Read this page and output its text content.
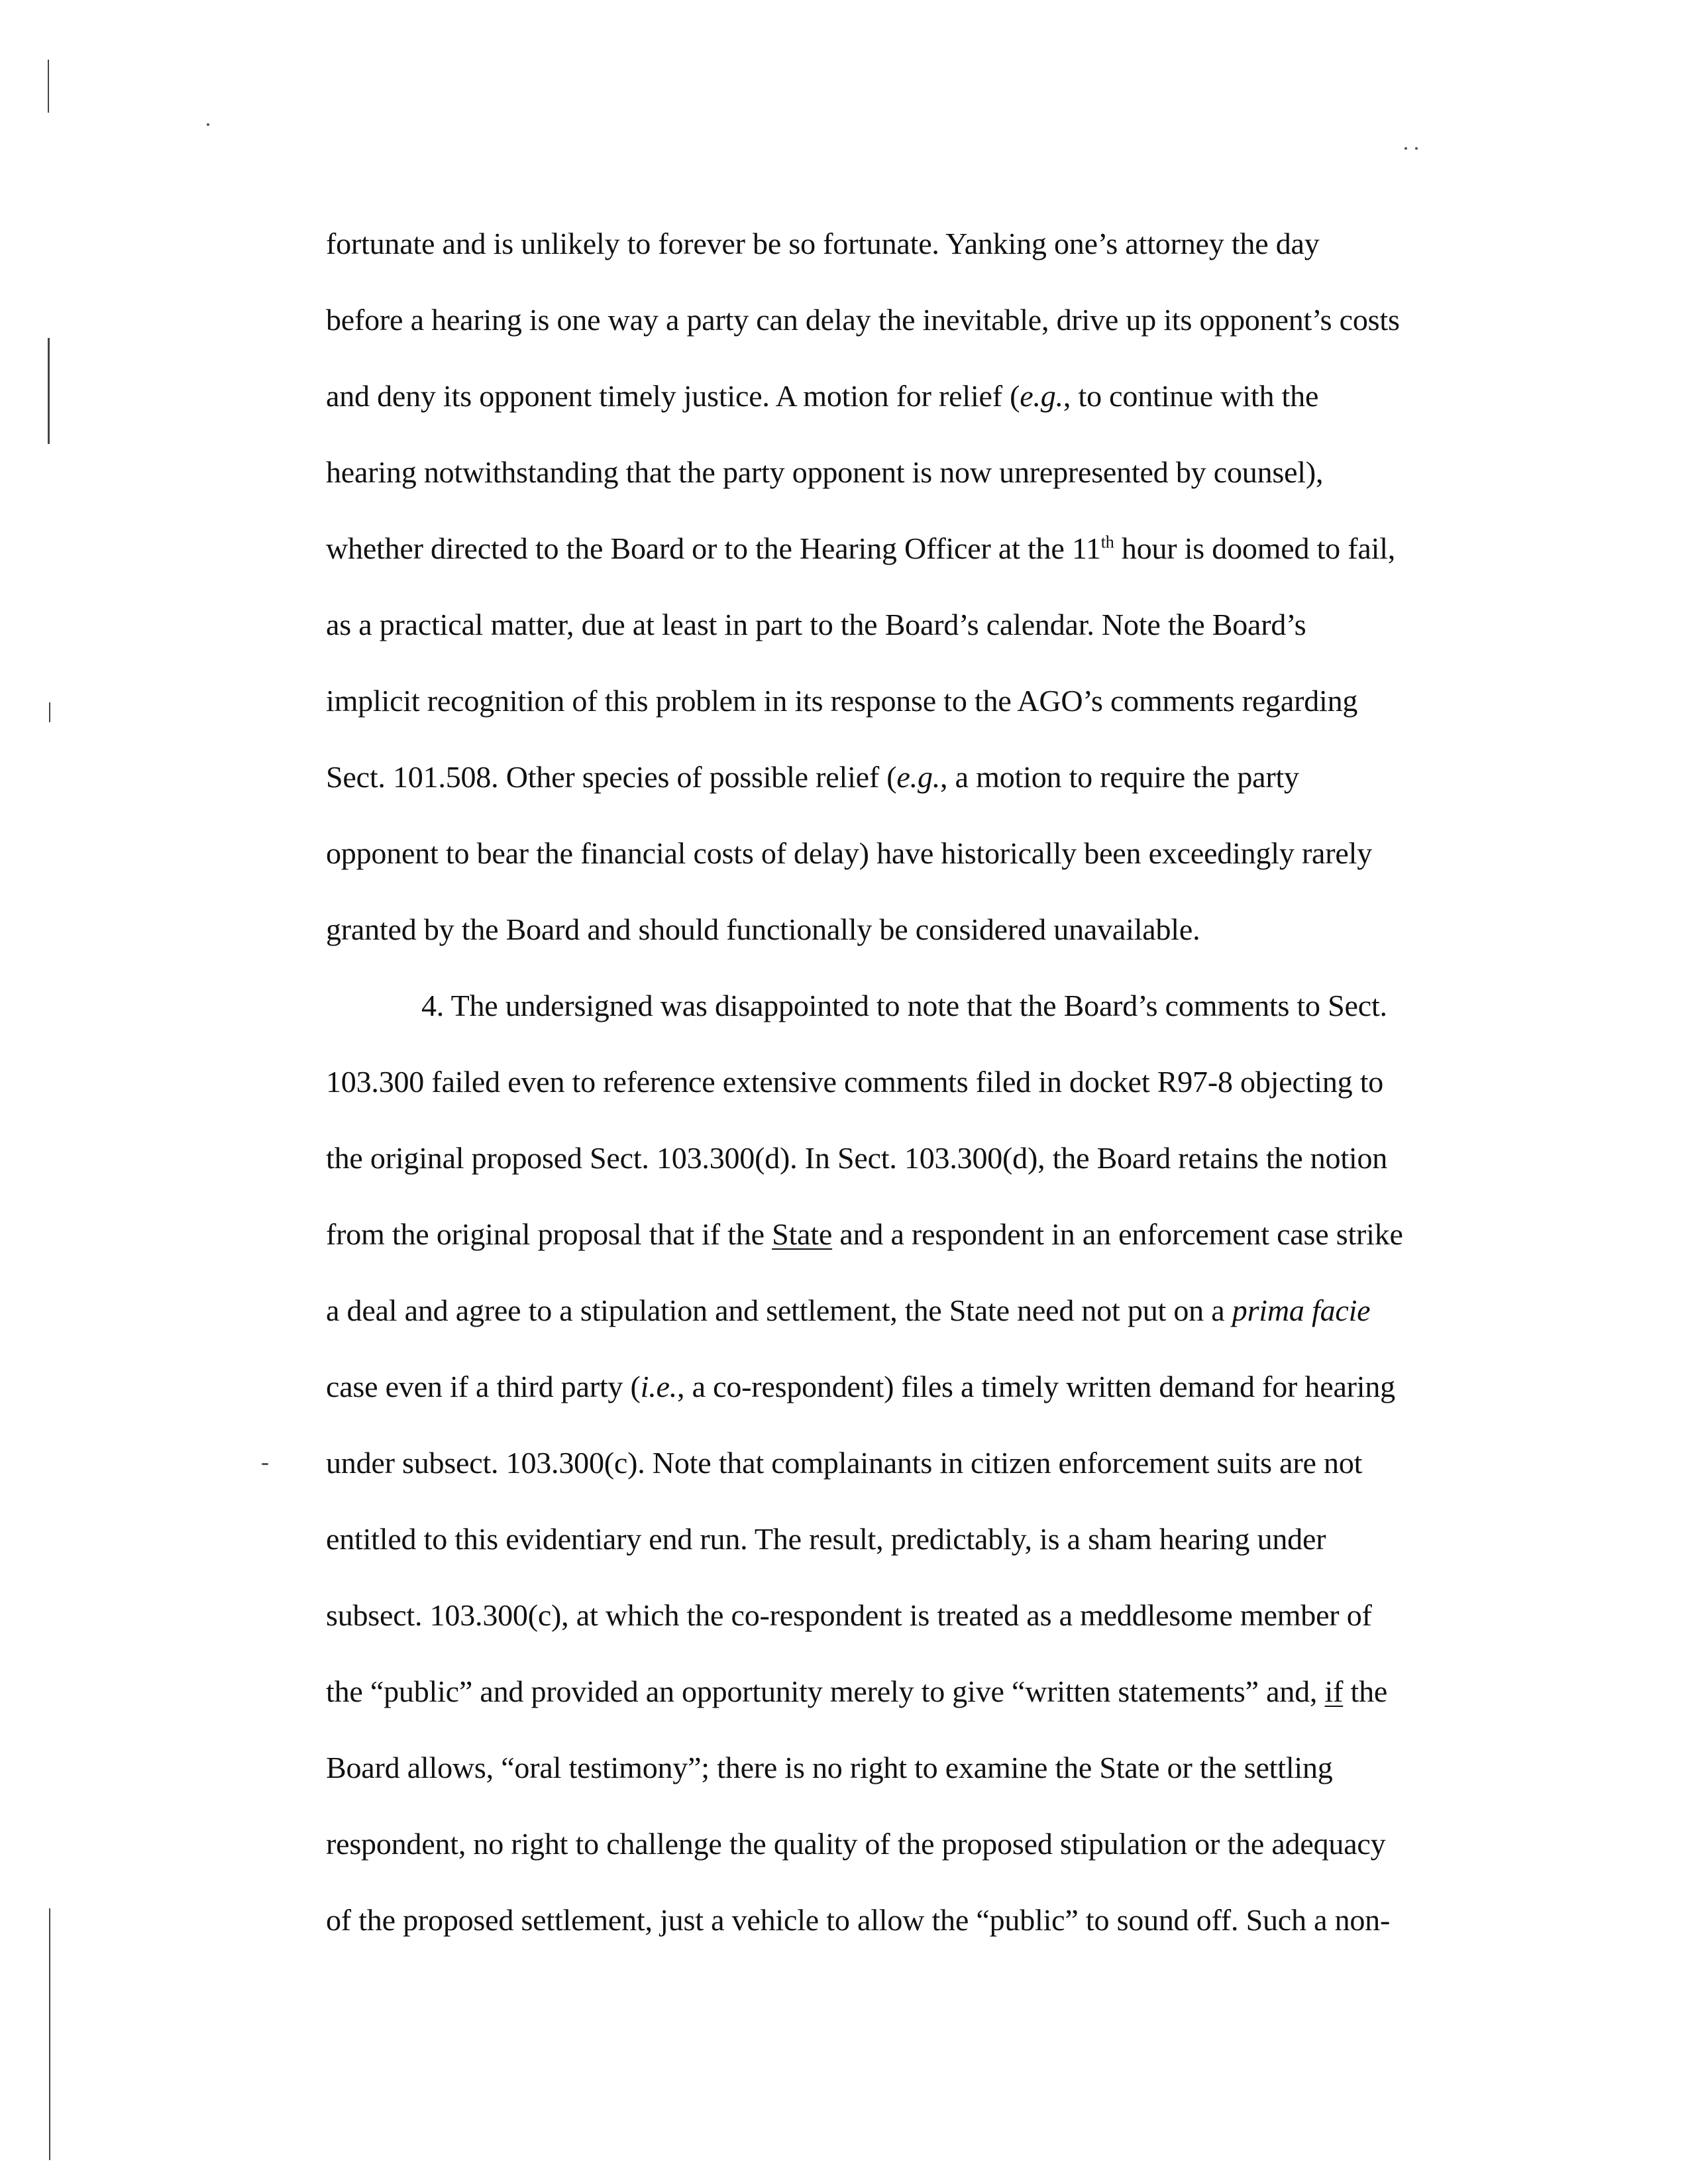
fortunate and is unlikely to forever be so fortunate. Yanking one’s attorney the day
before a hearing is one way a party can delay the inevitable, drive up its opponent’s costs
and deny its opponent timely justice. A motion for relief (e.g., to continue with the
hearing notwithstanding that the party opponent is now unrepresented by counsel),
whether directed to the Board or to the Hearing Officer at the 11th hour is doomed to fail,
as a practical matter, due at least in part to the Board’s calendar. Note the Board’s
implicit recognition of this problem in its response to the AGO’s comments regarding
Sect. 101.508. Other species of possible relief (e.g., a motion to require the party
opponent to bear the financial costs of delay) have historically been exceedingly rarely
granted by the Board and should functionally be considered unavailable.
4. The undersigned was disappointed to note that the Board’s comments to Sect.
103.300 failed even to reference extensive comments filed in docket R97-8 objecting to
the original proposed Sect. 103.300(d). In Sect. 103.300(d), the Board retains the notion
from the original proposal that if the State and a respondent in an enforcement case strike
a deal and agree to a stipulation and settlement, the State need not put on a prima facie
case even if a third party (i.e., a co-respondent) files a timely written demand for hearing
under subsect. 103.300(c). Note that complainants in citizen enforcement suits are not
entitled to this evidentiary end run. The result, predictably, is a sham hearing under
subsect. 103.300(c), at which the co-respondent is treated as a meddlesome member of
the “public” and provided an opportunity merely to give “written statements” and, if the
Board allows, “oral testimony”; there is no right to examine the State or the settling
respondent, no right to challenge the quality of the proposed stipulation or the adequacy
of the proposed settlement, just a vehicle to allow the “public” to sound off. Such a non-
